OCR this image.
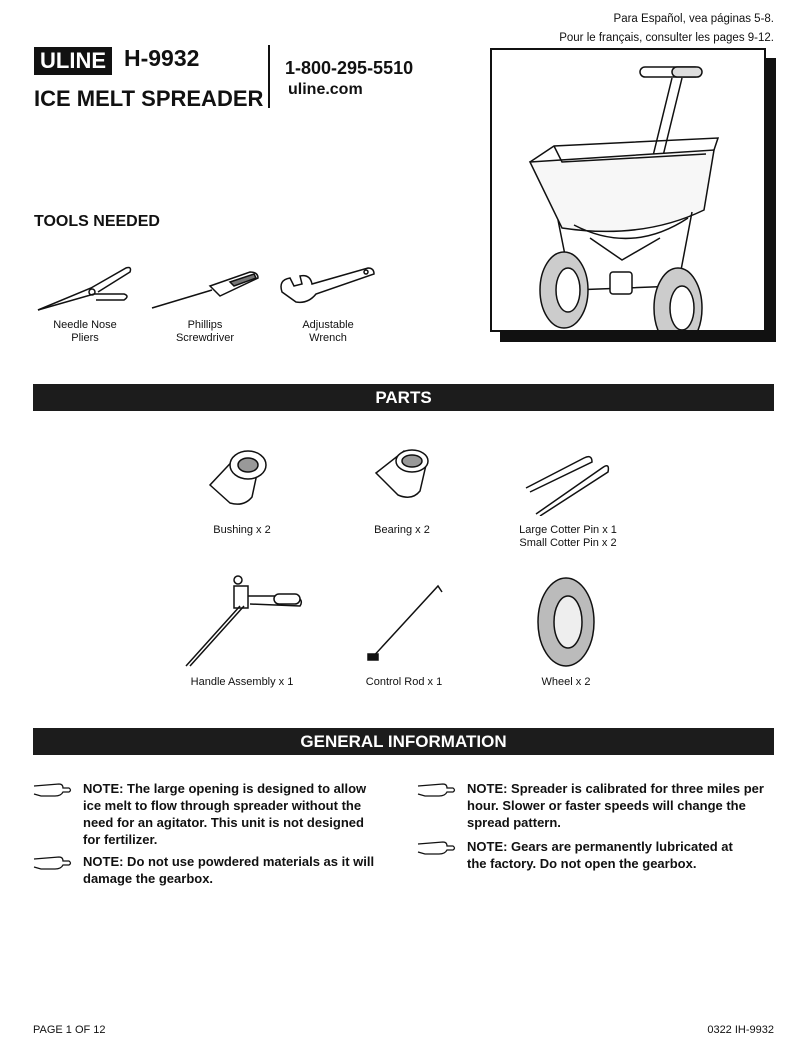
Para Español, vea páginas 5-8.
Pour le français, consulter les pages 9-12.
ULINE H-9932
ICE MELT SPREADER
1-800-295-5510
uline.com
TOOLS NEEDED
Needle Nose
Pliers
Phillips
Screwdriver
Adjustable
Wrench
PARTS
Bushing x 2	Bearing x 2	Large Cotter Pin x 1
Small Cotter Pin x 2
Handle Assembly x 1	Control Rod x 1	Wheel x 2
GENERAL INFORMATION
NOTE: The large opening is designed to allow
ice melt to flow through spreader without the
need for an agitator. This unit is not designed
for fertilizer.
NOTE: Do not use powdered materials as it will
damage the gearbox.
NOTE: Spreader is calibrated for three miles per
hour. Slower or faster speeds will change the
spread pattern.
NOTE: Gears are permanently lubricated at
the factory. Do not open the gearbox.
PAGE 1 OF 12	0322 IH-9932
